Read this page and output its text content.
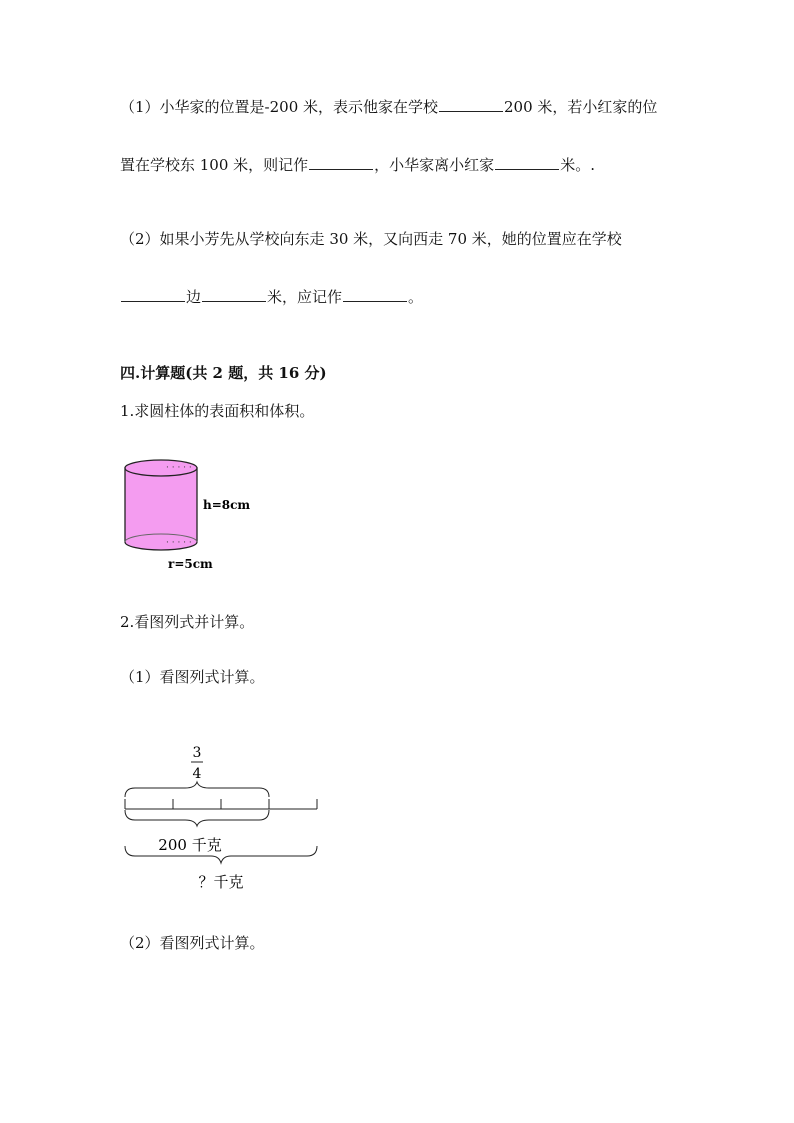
（1）小华家的位置是-200 米，表示他家在学校	200 米，若小红家的位
置在学校东 100 米，则记作	，小华家离小红家	米。.
（2）如果小芳先从学校向东走 30 米，又向西走 70 米，她的位置应在学校
边	米，应记作	。
四.计算题(共 2 题，共 16 分)
1.求圆柱体的表面积和体积。
· · · · ·
· · · · ·
h=8cm
r=5cm
2.看图列式并计算。
（1）看图列式计算。
3
4
200 千克
？千克
（2）看图列式计算。
